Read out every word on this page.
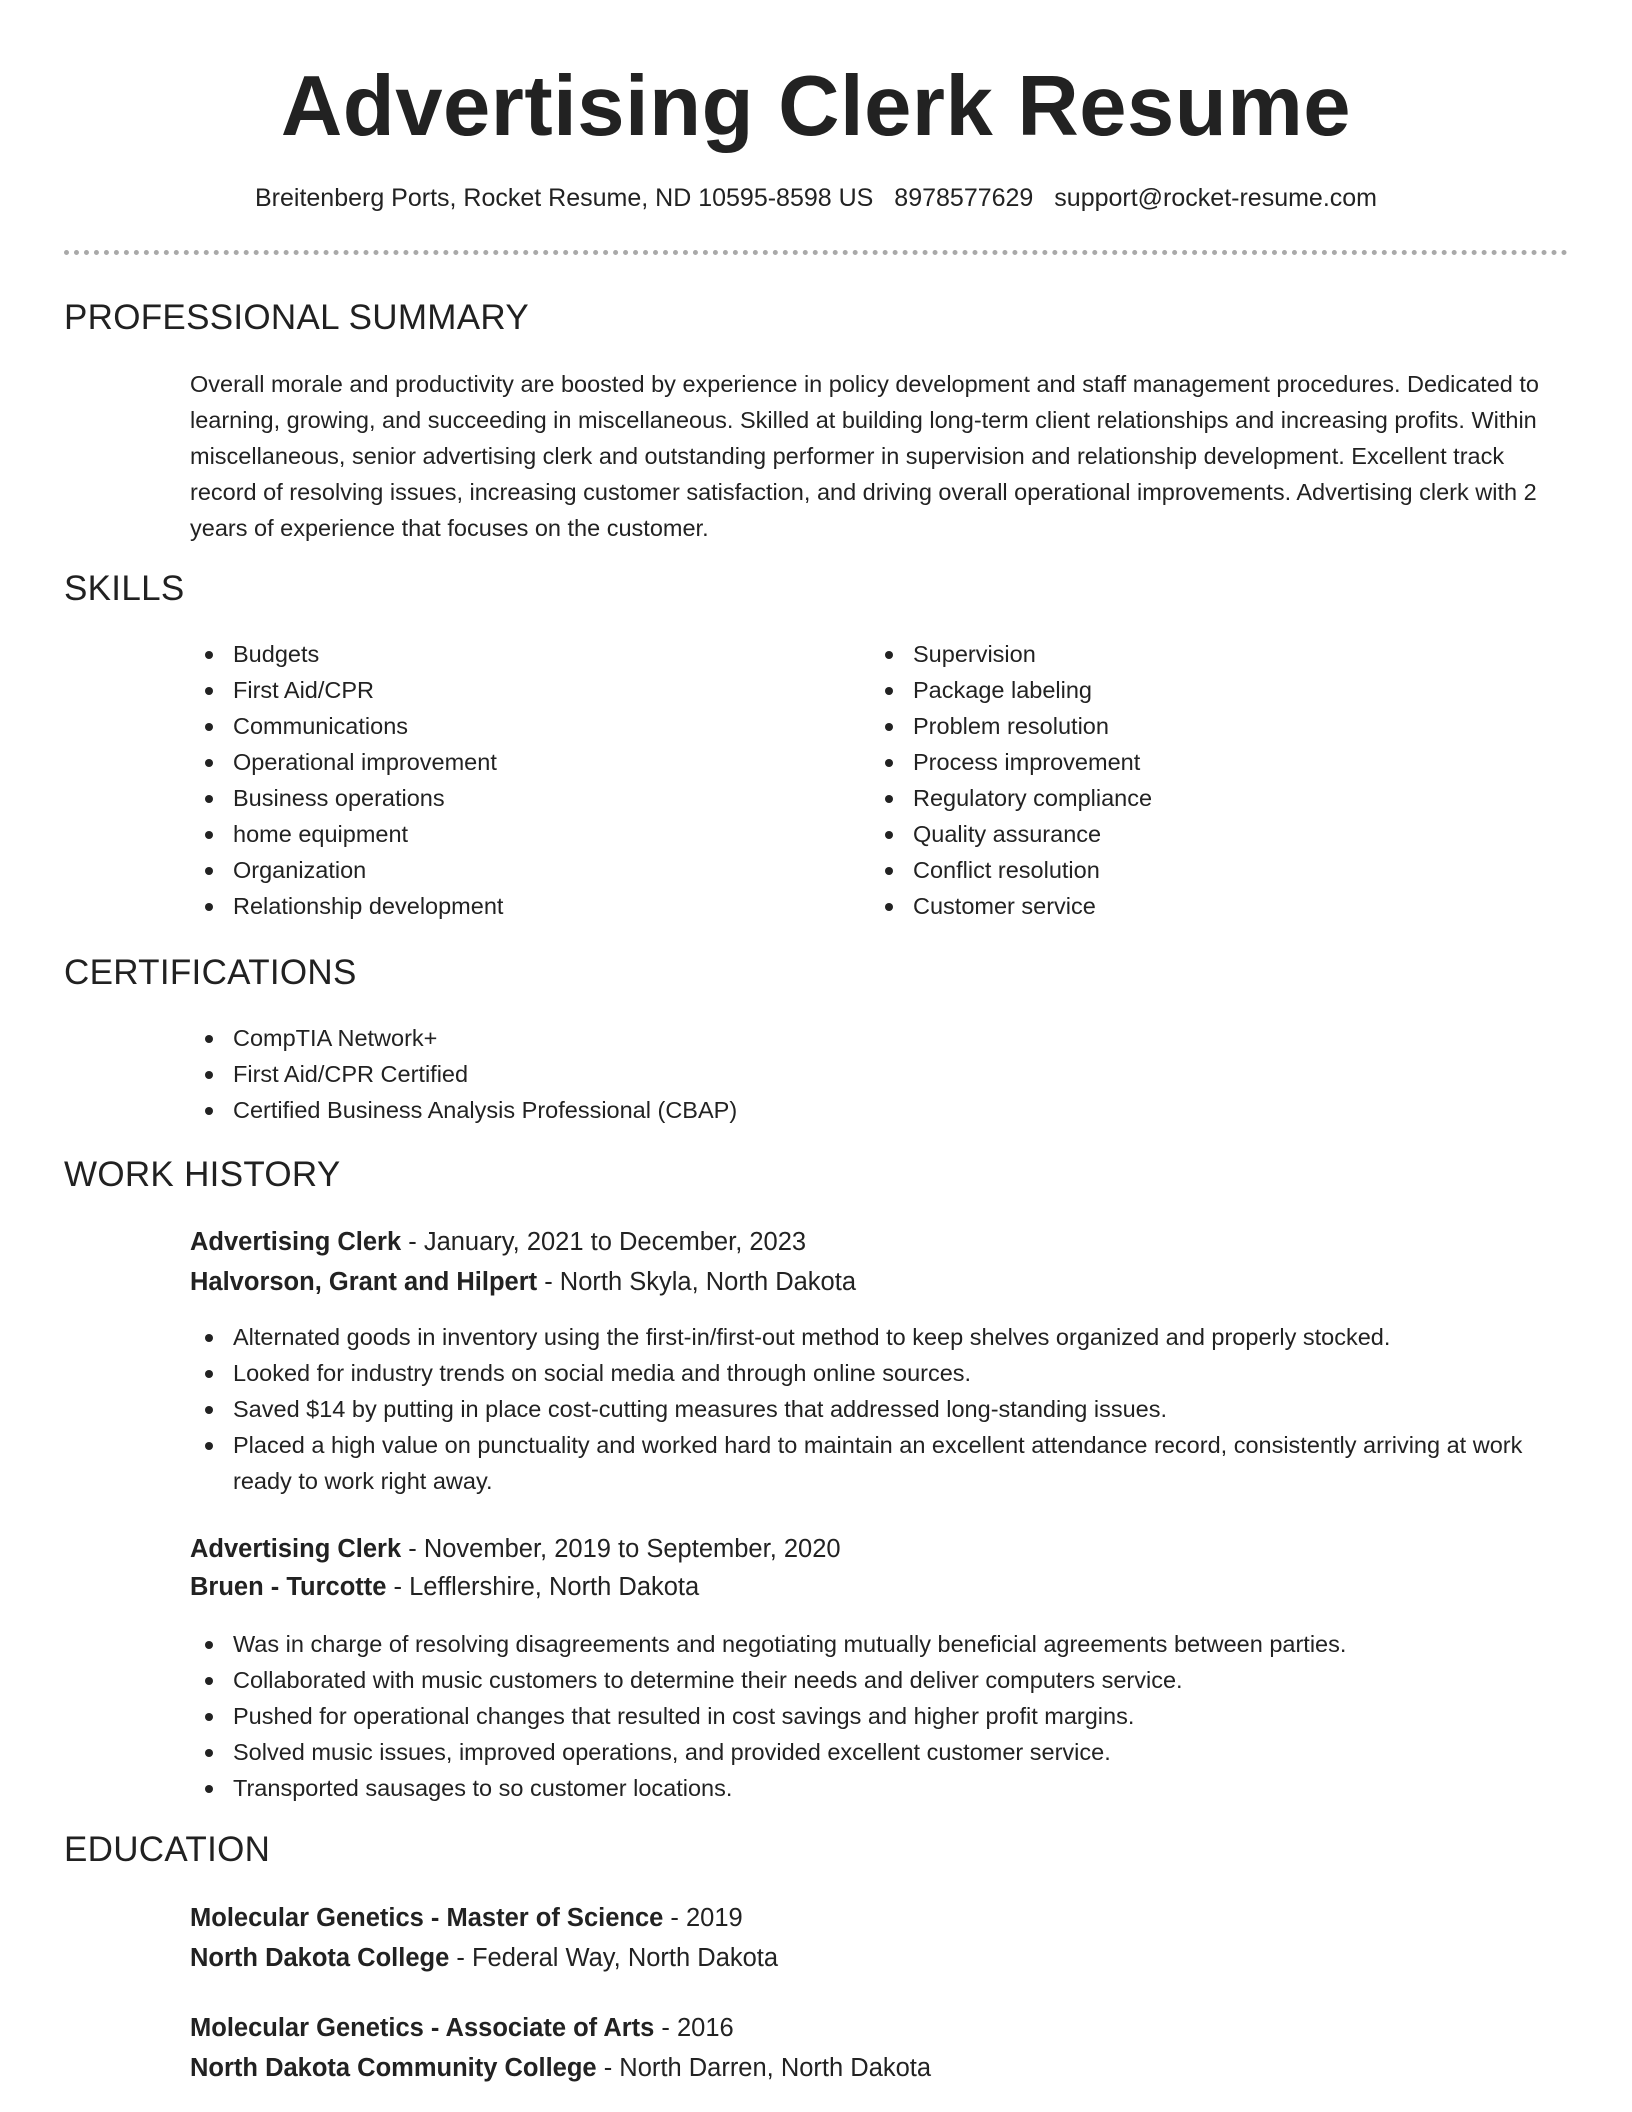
Advertising Clerk Resume
Breitenberg Ports, Rocket Resume, ND 10595-8598 US 8978577629 support@rocket-resume.com
PROFESSIONAL SUMMARY
Overall morale and productivity are boosted by experience in policy development and staff management procedures. Dedicated to learning, growing, and succeeding in miscellaneous. Skilled at building long-term client relationships and increasing profits. Within miscellaneous, senior advertising clerk and outstanding performer in supervision and relationship development. Excellent track record of resolving issues, increasing customer satisfaction, and driving overall operational improvements. Advertising clerk with 2 years of experience that focuses on the customer.
SKILLS
Budgets
First Aid/CPR
Communications
Operational improvement
Business operations
home equipment
Organization
Relationship development
Supervision
Package labeling
Problem resolution
Process improvement
Regulatory compliance
Quality assurance
Conflict resolution
Customer service
CERTIFICATIONS
CompTIA Network+
First Aid/CPR Certified
Certified Business Analysis Professional (CBAP)
WORK HISTORY
Advertising Clerk - January, 2021 to December, 2023
Halvorson, Grant and Hilpert - North Skyla, North Dakota
Alternated goods in inventory using the first-in/first-out method to keep shelves organized and properly stocked.
Looked for industry trends on social media and through online sources.
Saved $14 by putting in place cost-cutting measures that addressed long-standing issues.
Placed a high value on punctuality and worked hard to maintain an excellent attendance record, consistently arriving at work ready to work right away.
Advertising Clerk - November, 2019 to September, 2020
Bruen - Turcotte - Lefflershire, North Dakota
Was in charge of resolving disagreements and negotiating mutually beneficial agreements between parties.
Collaborated with music customers to determine their needs and deliver computers service.
Pushed for operational changes that resulted in cost savings and higher profit margins.
Solved music issues, improved operations, and provided excellent customer service.
Transported sausages to so customer locations.
EDUCATION
Molecular Genetics - Master of Science - 2019
North Dakota College - Federal Way, North Dakota
Molecular Genetics - Associate of Arts - 2016
North Dakota Community College - North Darren, North Dakota
